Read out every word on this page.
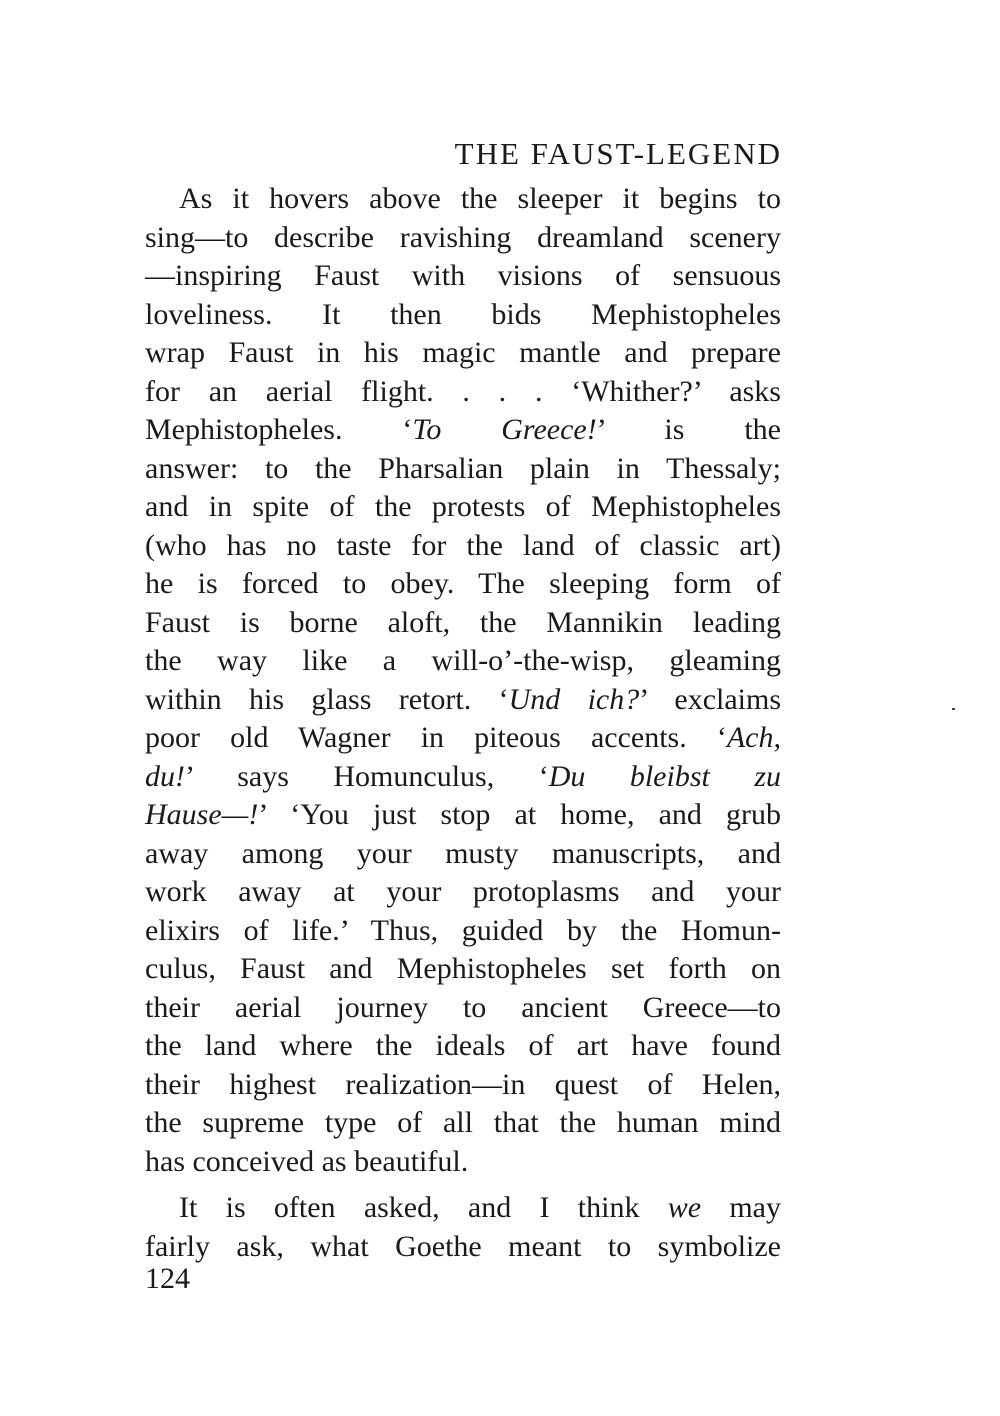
THE FAUST-LEGEND
As it hovers above the sleeper it begins to
sing—to describe ravishing dreamland scenery
—inspiring Faust with visions of sensuous
loveliness. It then bids Mephistopheles
wrap Faust in his magic mantle and prepare
for an aerial flight. . . . ‘Whither?’ asks
Mephistopheles. ‘To Greece!’ is the
answer: to the Pharsalian plain in Thessaly;
and in spite of the protests of Mephistopheles
(who has no taste for the land of classic art)
he is forced to obey. The sleeping form of
Faust is borne aloft, the Mannikin leading
the way like a will-o’-the-wisp, gleaming
within his glass retort. ‘Und ich?’ exclaims
poor old Wagner in piteous accents. ‘Ach,
du!’ says Homunculus, ‘Du bleibst zu
Hause—!’ ‘You just stop at home, and grub
away among your musty manuscripts, and
work away at your protoplasms and your
elixirs of life.’ Thus, guided by the Homun-
culus, Faust and Mephistopheles set forth on
their aerial journey to ancient Greece—to
the land where the ideals of art have found
their highest realization—in quest of Helen,
the supreme type of all that the human mind
has conceived as beautiful.
It is often asked, and I think we may
fairly ask, what Goethe meant to symbolize
124
